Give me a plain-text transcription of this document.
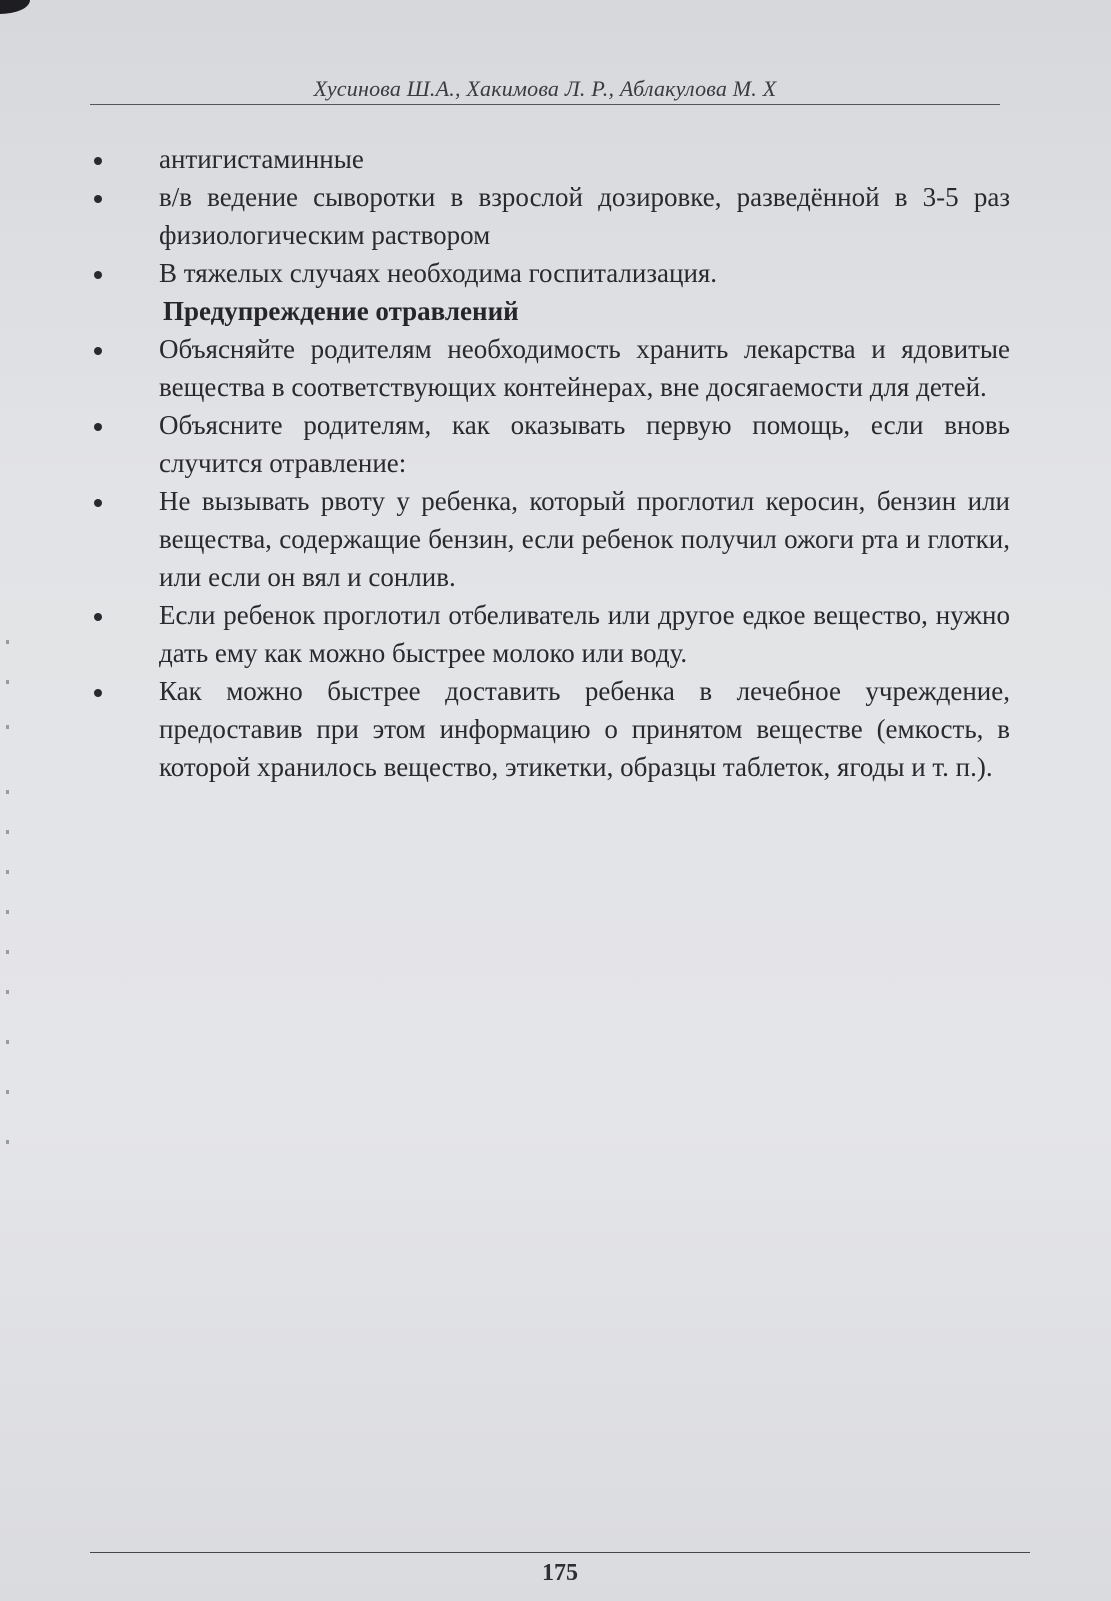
Хусинова Ш.А., Хакимова Л. Р., Аблакулова М. Х
антигистаминные
в/в ведение сыворотки в взрослой дозировке, разведённой в 3-5 раз физиологическим раствором
В тяжелых случаях необходима госпитализация.
Предупреждение отравлений
Объясняйте родителям необходимость хранить лекарства и ядовитые вещества в соответствующих контейнерах, вне досягаемости для детей.
Объясните родителям, как оказывать первую помощь, если вновь случится отравление:
Не вызывать рвоту у ребенка, который проглотил керосин, бензин или вещества, содержащие бензин, если ребенок получил ожоги рта и глотки, или если он вял и сонлив.
Если ребенок проглотил отбеливатель или другое едкое вещество, нужно дать ему как можно быстрее молоко или воду.
Как можно быстрее доставить ребенка в лечебное учреждение, предоставив при этом информацию о принятом веществе (емкость, в которой хранилось вещество, этикетки, образцы таблеток, ягоды и т. п.).
175
